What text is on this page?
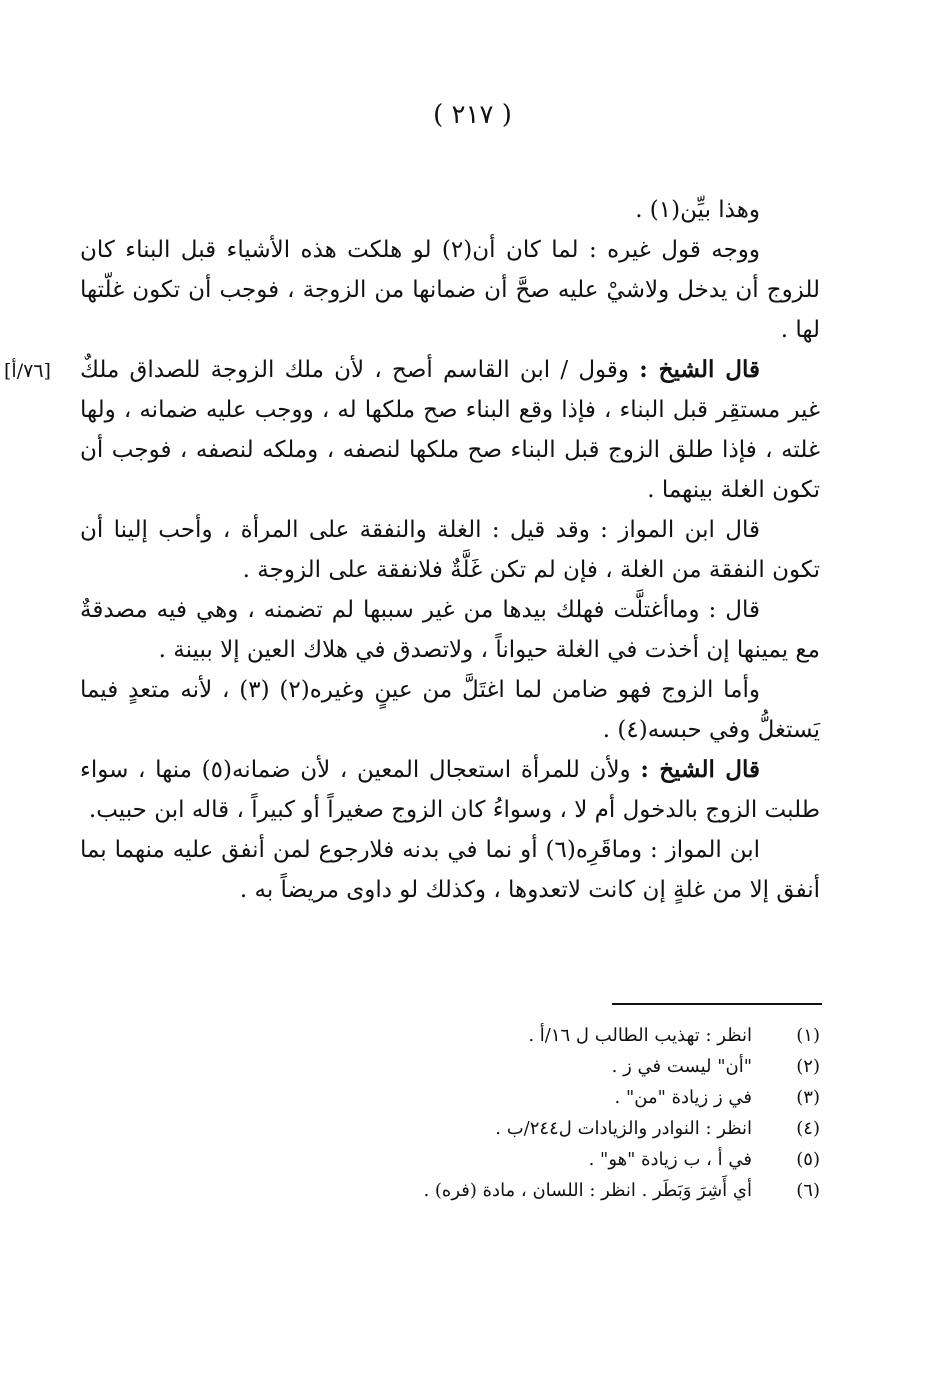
( ٢١٧ )
[٧٦/أ]

وهذا بيِّن(١) .

ووجه قول غيره : لما كان أن(٢) لو هلكت هذه الأشياء قبل البناء كان للزوج أن يدخل ولاشيْ عليه صحَّ أن ضمانها من الزوجة ، فوجب أن تكون غلّتها لها .

قال الشيخ : وقول / ابن القاسم أصح ، لأن ملك الزوجة للصداق ملكٌ غير مستقِر قبل البناء ، فإذا وقع البناء صح ملكها له ، ووجب عليه ضمانه ، ولها غلته ، فإذا طلق الزوج قبل البناء صح ملكها لنصفه ، وملكه لنصفه ، فوجب أن تكون الغلة بينهما .

قال ابن المواز : وقد قيل : الغلة والنفقة على المرأة ، وأحب إلينا أن تكون النفقة من الغلة ، فإن لم تكن غَلَّةٌ فلانفقة على الزوجة .

قال : وماأغتلَّت فهلك بيدها من غير سببها لم تضمنه ، وهي فيه مصدقةٌ مع يمينها إن أخذت في الغلة حيواناً ، ولاتصدق في هلاك العين إلا ببينة .

وأما الزوج فهو ضامن لما اغتَلَّ من عينٍ وغيره(٢) (٣) ، لأنه متعدٍ فيما يَستغلُّ وفي حبسه(٤) .

قال الشيخ : ولأن للمرأة استعجال المعين ، لأن ضمانه(٥) منها ، سواء طلبت الزوج بالدخول أم لا ، وسواءُ كان الزوج صغيراً أو كبيراً ، قاله ابن حبيب.

ابن المواز : وماقَرِه(٦) أو نما في بدنه فلارجوع لمن أنفق عليه منهما بما أنفق إلا من غلةٍ إن كانت لاتعدوها ، وكذلك لو داوى مريضاً به .

(١)
انظر : تهذيب الطالب ل ١٦/أ .
(٢)
"أن" ليست في ز .
(٣)
في ز زيادة "من" .
(٤)
انظر : النوادر والزيادات ل٢٤٤/ب .
(٥)
في أ ، ب زيادة "هو" .
(٦)
أي أَشِرَ وَبَطَر . انظر : اللسان ، مادة (فره) .
